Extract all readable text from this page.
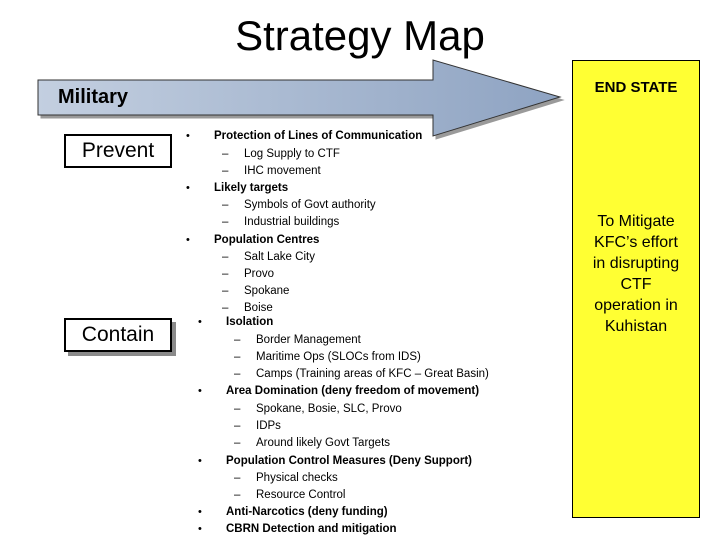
Strategy Map
Military	END STATE
To Mitigate
KFC’s effort
in disrupting
CTF
operation in
Kuhistan
Prevent
Contain
• Protection of Lines of Communication
– Log Supply to CTF
– IHC movement
• Likely targets
– Symbols of Govt authority
– Industrial buildings
• Population Centres
– Salt Lake City
– Provo
– Spokane
– Boise
• Isolation
– Border Management
– Maritime Ops (SLOCs from IDS)
– Camps (Training areas of KFC – Great Basin)
• Area Domination (deny freedom of movement)
– Spokane, Bosie, SLC, Provo
– IDPs
– Around likely Govt Targets
• Population Control Measures (Deny Support)
– Physical checks
– Resource Control
• Anti-Narcotics (deny funding)
• CBRN Detection and mitigation
